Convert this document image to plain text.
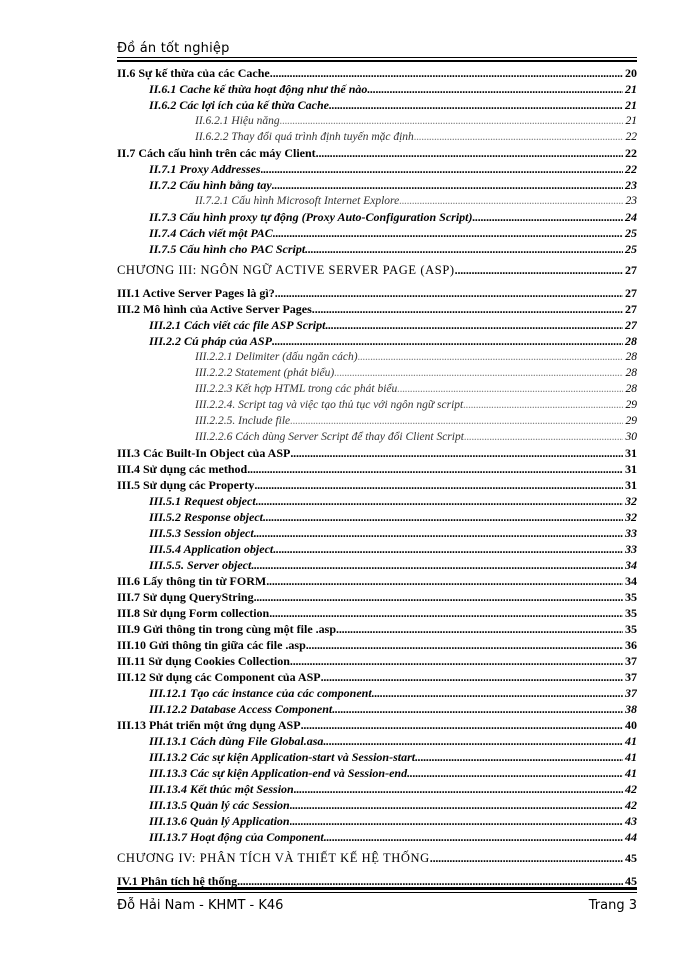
Đồ án tốt nghiệp
II.6 Sự kế thừa của các Cache. . . .	20
II.6.1 Cache kế thừa hoạt động như thế nào . . .	21
II.6.2 Các lợi ích của kế thừa Cache . . .	21
II.6.2.1 Hiệu năng . . .	21
II.6.2.2 Thay đổi quá trình định tuyến mặc định . . .	22
II.7 Cách cấu hình trên các máy Client . . .	22
II.7.1 Proxy Addresses . . .	22
II.7.2 Cấu hình bằng tay . . .	23
II.7.2.1 Cấu hình Microsoft Internet Explore . . .	23
II.7.3 Cấu hình proxy tự động (Proxy Auto-Configuration Script) . . .	24
II.7.4 Cách viết một PAC . . .	25
II.7.5 Cấu hình cho PAC Script . . .	25
CHƯƠNG III: NGÔN NGỮ ACTIVE SERVER PAGE (ASP) . . .	27
III.1 Active Server Pages là gì? . . .	27
III.2 Mô hình của Active Server Pages. . . .	27
III.2.1 Cách viết các file ASP Script . . .	27
III.2.2 Cú pháp của ASP . . .	28
III.2.2.1 Delimiter (dấu ngăn cách) . . .	28
III.2.2.2 Statement (phát biểu) . . .	28
III.2.2.3 Kết hợp HTML trong các phát biểu . . .	28
III.2.2.4. Script tag và việc tạo thủ tục với ngôn ngữ script . . .	29
III.2.2.5. Include file . . .	29
III.2.2.6 Cách dùng Server Script để thay đổi Client Script . . .	30
III.3 Các Built-In Object của ASP . . .	31
III.4 Sử dụng các method . . .	31
III.5 Sử dụng các Property . . .	31
III.5.1 Request object . . .	32
III.5.2 Response object . . .	32
III.5.3 Session object . . .	33
III.5.4 Application object . . .	33
III.5.5. Server object . . .	34
III.6 Lấy thông tin từ FORM . . .	34
III.7 Sử dụng QueryString . . .	35
III.8 Sử dụng Form collection . . .	35
III.9 Gửi thông tin trong cùng một file .asp . . .	35
III.10 Gửi thông tin giữa các file .asp . . .	36
III.11 Sử dụng Cookies Collection . . .	37
III.12 Sử dụng các Component của ASP . . .	37
III.12.1 Tạo các instance của các component . . .	37
III.12.2 Database Access Component . . .	38
III.13 Phát triển một ứng dụng ASP . . .	40
III.13.1 Cách dùng File Global.asa . . .	41
III.13.2 Các sự kiện Application-start và Session-start . . .	41
III.13.3 Các sự kiện Application-end và Session-end . . .	41
III.13.4 Kết thúc một Session . . .	42
III.13.5 Quản lý các Session . . .	42
III.13.6 Quản lý Application . . .	43
III.13.7 Hoạt động của Component . . .	44
CHƯƠNG IV: PHÂN TÍCH VÀ THIẾT KẾ HỆ THỐNG . . .	45
IV.1 Phân tích hệ thống . . .	45
Đỗ Hải Nam - KHMT - K46	Trang 3
